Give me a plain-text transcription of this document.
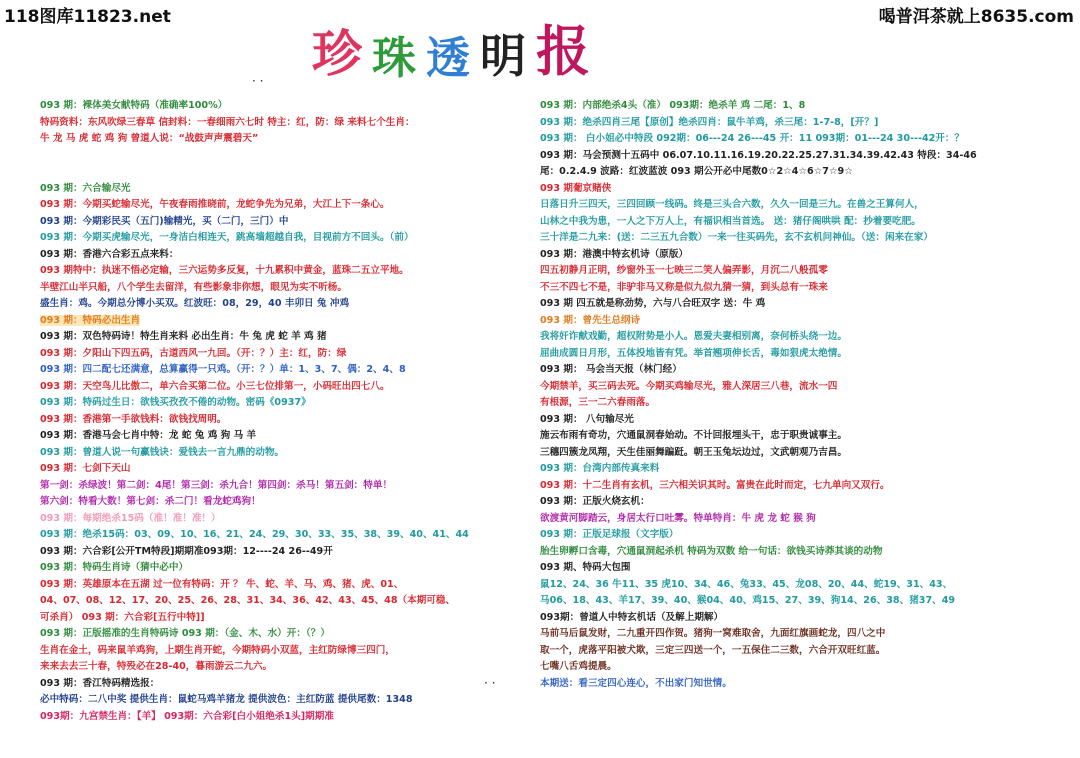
118图库11823.net	喝普洱茶就上8635.com
珍 珠 透 明 报
· ·
· ·
093 期：裸体美女献特码（准确率100%）
特码资料：东风吹绿三春草 信封料：一春细雨六七时 特主：红，防：绿 来料七个生肖：
牛 龙 马 虎 蛇 鸡 狗 曾道人说：“战鼓声声震碧天”
093 期：六合输尽光
093 期：今期买蛇输尽光，午夜春雨推晓前，龙蛇争先为兄弟，大江上下一条心。
093 期：今期彩民买（五门)输精光，买（二门，三门）中
093 期：今期买虎输尽光，一身洁白相连天，跳高墙超越自我，目视前方不回头。（前）
093 期：香港六合彩五点来料：
093 期特中：执迷不悟必定输，三六运势多反复，十九累积中黄金，蓝珠二五立平地。
半壁江山半只船，八个学生去留洋，有些影象非你想，眼见为实不听杨。
盛生肖：鸡。今期总分博小买双。红波旺：08，29，40 丰卯日 兔 冲鸡
093 期：特码必出生肖
093 期：双色特码诗！特生肖来料 必出生肖：牛 兔 虎 蛇 羊 鸡 猪
093 期：夕阳山下四五码，古道西风一九回。（开：？）主：红，防：绿
093 期：四二配七还满意，总算赢得一只鸡。（开：？）单：1、3、7、偶：2、4、8
093 期：天空鸟儿比傲二，单六合买第二位。小三七位排第一，小码旺出四七八。
093 期：特码过生日：欲钱买孜孜不倦的动物。密码《0937》
093 期：香港第一手欲钱料：欲钱找周明。
093 期：香港马会七肖中特：龙 蛇 兔 鸡 狗 马 羊
093 期：曾道人说一句赢钱诀：爱钱去一言九鼎的动物。
093 期：七剑下天山
第一剑：杀绿波！第二剑：4尾！第三剑：杀九合！第四剑：杀马！第五剑：特单！
第六剑：特看大数！第七剑：杀二门！看龙蛇鸡狗！
093 期：每期绝杀15码（准！准！准！）
093 期：绝杀15码：03、09、10、16、21、24、29、30、33、35、38、39、40、41、44
093 期：六合彩[公开TM特段]期期准093期：12----24 26--49开
093 期：特码生肖诗（猜中必中）
093 期：英雄原本在五湖 过一位有特码：开 ？ 牛、蛇、羊、马、鸡、猪、虎、01、
04、07、08、12、17、20、25、26、28、31、34、36、42、43、45、48（本期可稳、
可杀肖） 093 期：六合彩[五行中特]]
093 期：正版摇准的生肖特码诗 093 期：（金、木、水）开：（？）
生肖在金土，码来鼠羊鸡狗，上期生肖开蛇，今期特码小双蓝，主红防绿博三四门，
来来去去三十春，特殁必在28-40，暮雨游云二九六。
093 期：香江特码精选报：
必中特码：二八中奖 提供生肖：鼠蛇马鸡羊猪龙 提供波色：主红防蓝 提供尾数：1348
093期：九宫禁生肖：【羊】 093期：六合彩[白小姐绝杀1头]期期准
093 期：内部绝杀4头（准） 093期：绝杀羊 鸡 二尾：1、8
093 期：绝杀四肖三尾【原创】绝杀四肖：鼠牛羊鸡，杀三尾：1-7-8，[开？]
093 期： 白小姐必中特段 092期：06---24 26---45 开：11 093期：01---24 30---42开：？
093 期：马会预测十五码中 06.07.10.11.16.19.20.22.25.27.31.34.39.42.43 特段：34-46
尾：0.2.4.9 波路：红波蓝波 093 期公开必中尾数0☆2☆4☆6☆7☆9☆
093 期葡京赌侠
日落日升三四天，三四回顾一线码。终是三头合六数，久久一回是三九。在兽之王算何人，
山林之中我为患，一人之下万人上，有福识相当首选。 送：猪仔阁哄哄 配：抄着要吃肥。
三十洋是二九来：(送：二三五九合数）一来一往买码先，玄不玄机问神仙。（送：闲来在家）
093 期：港澳中特玄机诗（原版）
四五初静月正明，纱窗外玉一七映三二笑人偏弄影，月沉二八般孤零
不三不四七不是，非驴非马又称是似九似九猜一猜，到头总有一珠来
093 期 四五就是称劲势，六与八合旺双字 送：牛 鸡
093 期：曾先生总纲诗
我将奸诈献戏勤，超权附势是小人。恩爱夫妻相别离，奈何桥头绕一边。
屈曲成圆日月形，五体投地皆有凭。举首翘项伸长舌，毒如狠虎太绝情。
093 期： 马会当天报（林门经）
今期禁羊，买三码去死。今期买鸡输尽光，雅人深居三八巷，流水一四
有根源，三一二六春雨落。
093 期： 八句输尽光
施云布雨有奇功，穴通鼠洞春始动。不计回报埋头干，忠于职贵诚事主。
三穗四簇龙凤翔，天生佳丽舞蹁跹。朝王玉兔坛边过，文武朝观乃吉昌。
093 期：台湾内部传真来料
093 期：十二生肖有玄机，三六相关识其时。富贵在此时而定，七九单向又双行。
093 期：正版火烧玄机：
欲渡黄河脚踏云，身居太行口吐雾。特单特肖：牛 虎 龙 蛇 猴 狗
093 期：正版足球报（文字版）
胎生卵孵口含毒，穴通鼠洞起杀机 特码为双数 给一句话：欲钱买诗莽其谈的动物
093 期、特码大包围
鼠12、24、36 牛11、35 虎10、34、46、兔33、45、龙08、20、44、蛇19、31、43、
马06、18、43、羊17、39、40、猴04、40、鸡15、27、39、狗14、26、38、猪37、49
093期：曾道人中特玄机话（及解上期解）
马前马后鼠发财，二九重开四作贺。猪狗一窝难取舍，九面红旗画蛇龙，四八之中
取一个，虎落平阳被犬欺，三定三四送一个，一五保住二三数，六合开双旺红蓝。
七嘴八舌鸡提晨。
本期送：看三定四心连心，不出家门知世情。
